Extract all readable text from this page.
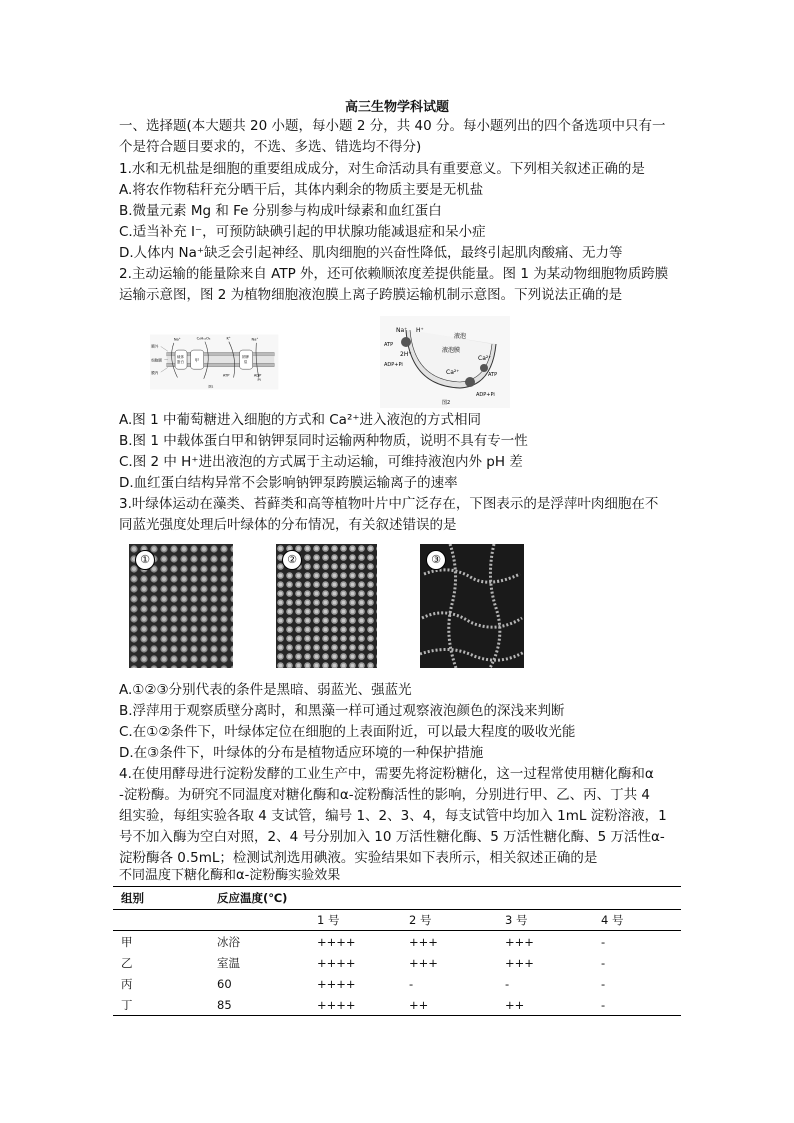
高三生物学科试题
一、选择题(本大题共 20 小题，每小题 2 分，共 40 分。每小题列出的四个备选项中只有一
个是符合题目要求的，不选、多选、错选均不得分)
1.水和无机盐是细胞的重要组成成分，对生命活动具有重要意义。下列相关叙述正确的是
A.将农作物秸秆充分晒干后，其体内剩余的物质主要是无机盐
B.微量元素 Mg 和 Fe 分别参与构成叶绿素和血红蛋白
C.适当补充 I⁻，可预防缺碘引起的甲状腺功能减退症和呆小症
D.人体内 Na⁺缺乏会引起神经、肌肉细胞的兴奋性降低，最终引起肌肉酸痛、无力等
2.主动运输的能量除来自 ATP 外，还可依赖顺浓度差提供能量。图 1 为某动物细胞物质跨膜
运输示意图，图 2 为植物细胞液泡膜上离子跨膜运输机制示意图。下列说法正确的是
膜外
细胞膜
膜内
载体
蛋白 甲
钠钾
泵
Na⁺	C₆H₁₂O₆	K⁺	Na⁺
ATP	ADP
Pi
图1
液泡
液泡膜
Na⁺ H⁺
2H⁺
ATP
ADP+Pi
Ca²⁺
Ca²⁺
ATP
ADP+Pi
图2
A.图 1 中葡萄糖进入细胞的方式和 Ca²⁺进入液泡的方式相同
B.图 1 中载体蛋白甲和钠钾泵同时运输两种物质，说明不具有专一性
C.图 2 中 H⁺进出液泡的方式属于主动运输，可维持液泡内外 pH 差
D.血红蛋白结构异常不会影响钠钾泵跨膜运输离子的速率
3.叶绿体运动在藻类、苔藓类和高等植物叶片中广泛存在，下图表示的是浮萍叶肉细胞在不
同蓝光强度处理后叶绿体的分布情况，有关叙述错误的是
①	②	③
A.①②③分别代表的条件是黑暗、弱蓝光、强蓝光
B.浮萍用于观察质壁分离时，和黑藻一样可通过观察液泡颜色的深浅来判断
C.在①②条件下，叶绿体定位在细胞的上表面附近，可以最大程度的吸收光能
D.在③条件下，叶绿体的分布是植物适应环境的一种保护措施
4.在使用酵母进行淀粉发酵的工业生产中，需要先将淀粉糖化，这一过程常使用糖化酶和α
-淀粉酶。为研究不同温度对糖化酶和α-淀粉酶活性的影响，分别进行甲、乙、丙、丁共 4
组实验，每组实验各取 4 支试管，编号 1、2、3、4，每支试管中均加入 1mL 淀粉溶液，1
号不加入酶为空白对照，2、4 号分别加入 10 万活性糖化酶、5 万活性糖化酶、5 万活性α-
淀粉酶各 0.5mL；检测试剂选用碘液。实验结果如下表所示，相关叙述正确的是
不同温度下糖化酶和α-淀粉酶实验效果
组别	反应温度(℃)				
		1 号	2 号	3 号	4 号
甲	冰浴	++++	+++	+++	-
乙	室温	++++	+++	+++	-
丙	60	++++	-	-	-
丁	85	++++	++	++	-
